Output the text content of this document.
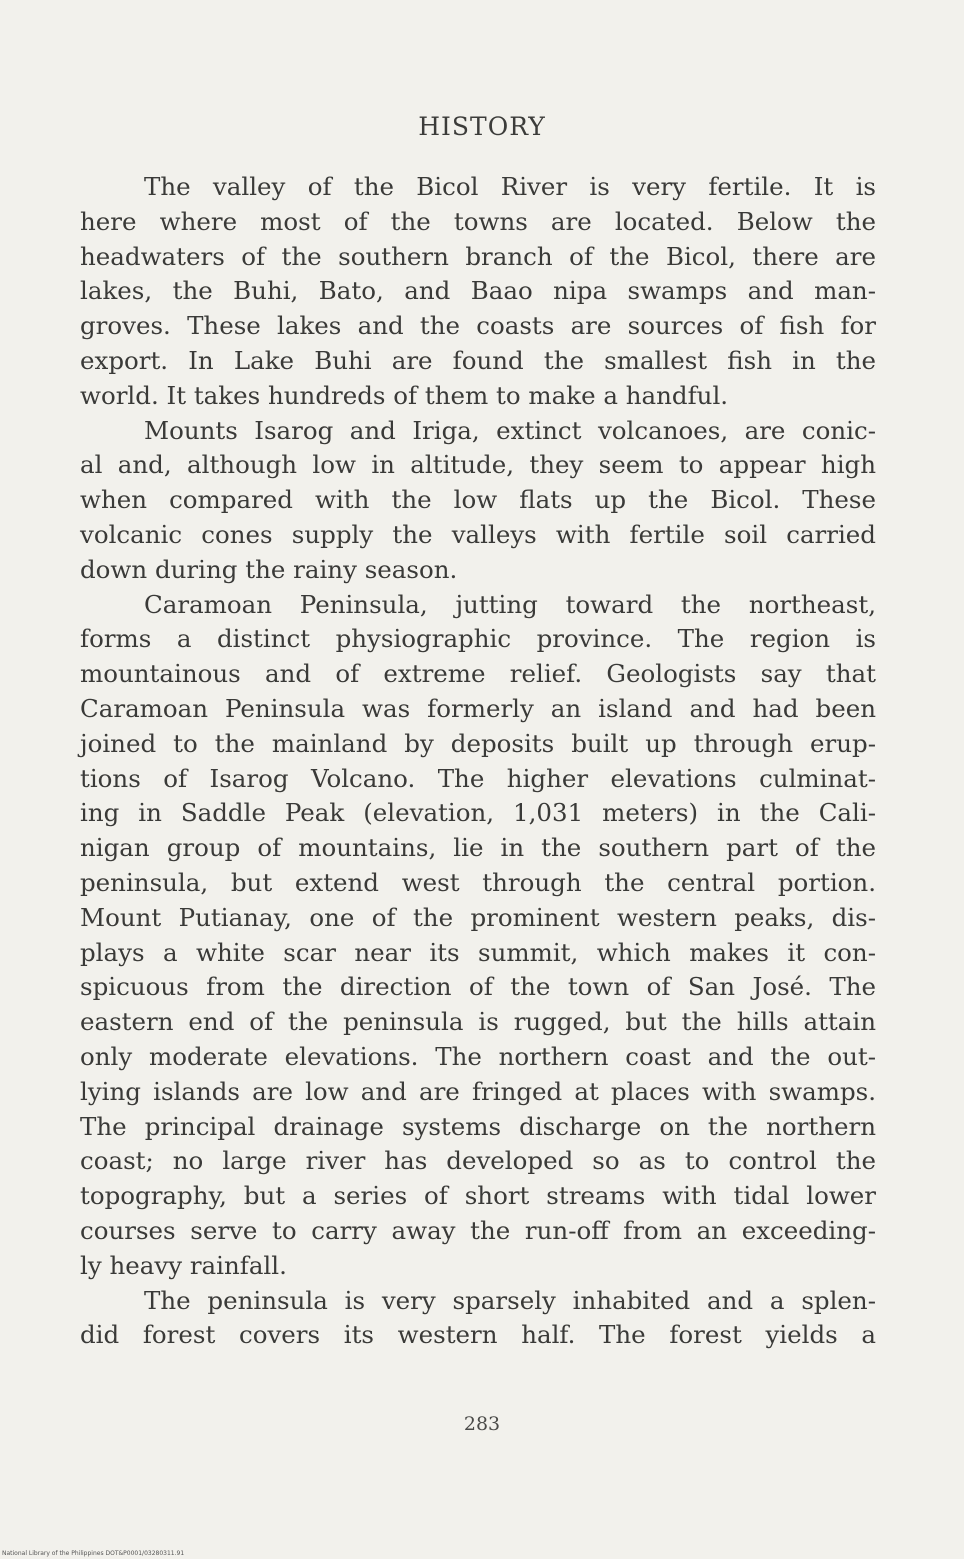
HISTORY
The valley of the Bicol River is very fertile. It is
here where most of the towns are located. Below the
headwaters of the southern branch of the Bicol, there are
lakes, the Buhi, Bato, and Baao nipa swamps and man-
groves. These lakes and the coasts are sources of fish for
export. In Lake Buhi are found the smallest fish in the
world. It takes hundreds of them to make a handful.
Mounts Isarog and Iriga, extinct volcanoes, are conic-
al and, although low in altitude, they seem to appear high
when compared with the low flats up the Bicol. These
volcanic cones supply the valleys with fertile soil carried
down during the rainy season.
Caramoan Peninsula, jutting toward the northeast,
forms a distinct physiographic province. The region is
mountainous and of extreme relief. Geologists say that
Caramoan Peninsula was formerly an island and had been
joined to the mainland by deposits built up through erup-
tions of Isarog Volcano. The higher elevations culminat-
ing in Saddle Peak (elevation, 1,031 meters) in the Cali-
nigan group of mountains, lie in the southern part of the
peninsula, but extend west through the central portion.
Mount Putianay, one of the prominent western peaks, dis-
plays a white scar near its summit, which makes it con-
spicuous from the direction of the town of San José. The
eastern end of the peninsula is rugged, but the hills attain
only moderate elevations. The northern coast and the out-
lying islands are low and are fringed at places with swamps.
The principal drainage systems discharge on the northern
coast; no large river has developed so as to control the
topography, but a series of short streams with tidal lower
courses serve to carry away the run-off from an exceeding-
ly heavy rainfall.
The peninsula is very sparsely inhabited and a splen-
did forest covers its western half. The forest yields a
283
National Library of the Philippines DOT&P0001/03280311.91
